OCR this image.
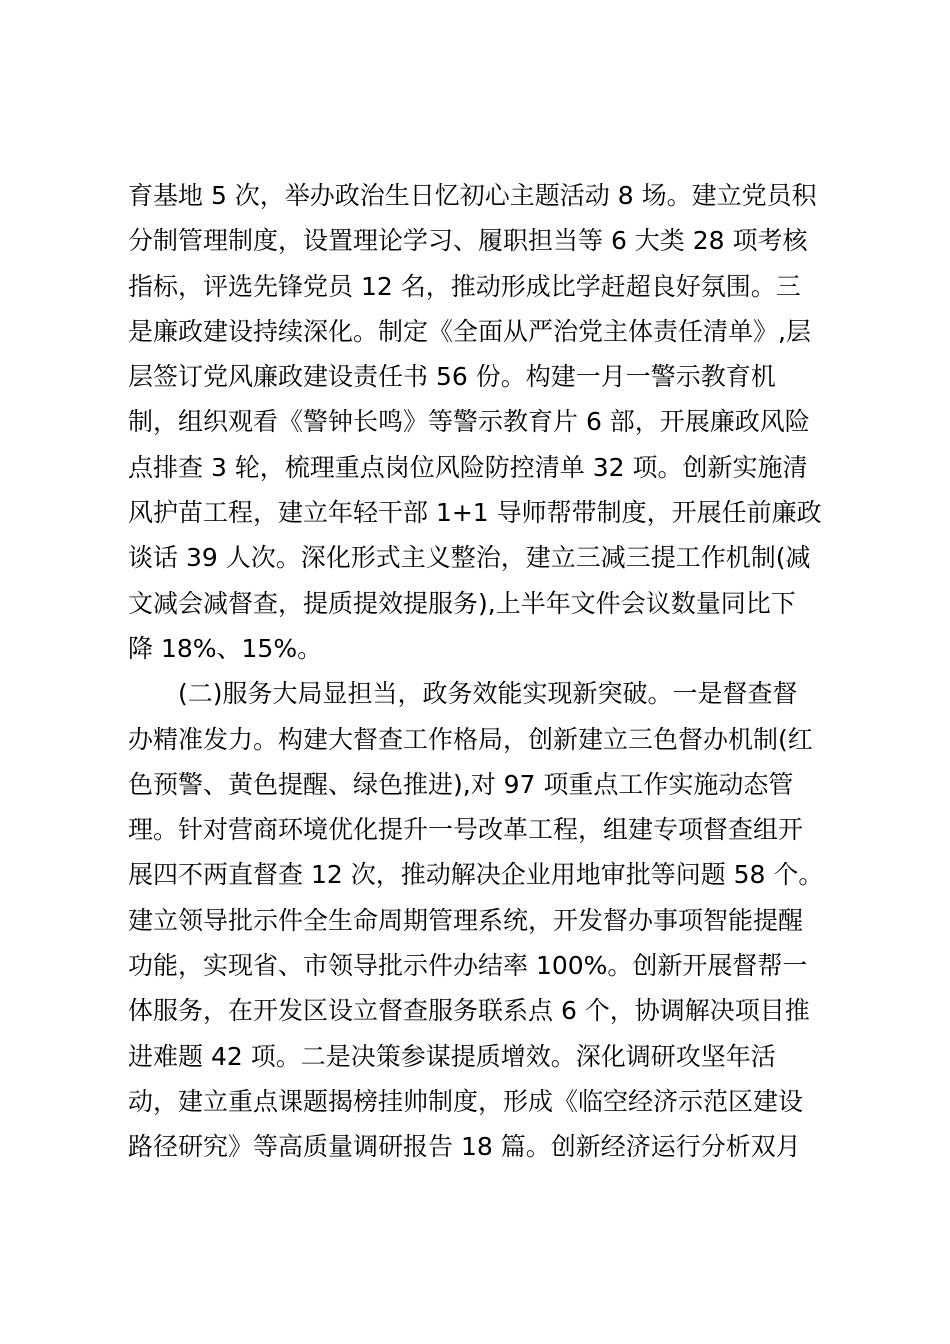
育基地 5 次，举办政治生日忆初心主题活动 8 场。建立党员积
分制管理制度，设置理论学习、履职担当等 6 大类 28 项考核
指标，评选先锋党员 12 名，推动形成比学赶超良好氛围。三
是廉政建设持续深化。制定《全面从严治党主体责任清单》,层
层签订党风廉政建设责任书 56 份。构建一月一警示教育机
制，组织观看《警钟长鸣》等警示教育片 6 部，开展廉政风险
点排查 3 轮，梳理重点岗位风险防控清单 32 项。创新实施清
风护苗工程，建立年轻干部 1+1 导师帮带制度，开展任前廉政
谈话 39 人次。深化形式主义整治，建立三减三提工作机制(减
文减会减督查，提质提效提服务),上半年文件会议数量同比下
降 18%、15%。
(二)服务大局显担当，政务效能实现新突破。一是督查督
办精准发力。构建大督查工作格局，创新建立三色督办机制(红
色预警、黄色提醒、绿色推进),对 97 项重点工作实施动态管
理。针对营商环境优化提升一号改革工程，组建专项督查组开
展四不两直督查 12 次，推动解决企业用地审批等问题 58 个。
建立领导批示件全生命周期管理系统，开发督办事项智能提醒
功能，实现省、市领导批示件办结率 100%。创新开展督帮一
体服务，在开发区设立督查服务联系点 6 个，协调解决项目推
进难题 42 项。二是决策参谋提质增效。深化调研攻坚年活
动，建立重点课题揭榜挂帅制度，形成《临空经济示范区建设
路径研究》等高质量调研报告 18 篇。创新经济运行分析双月
